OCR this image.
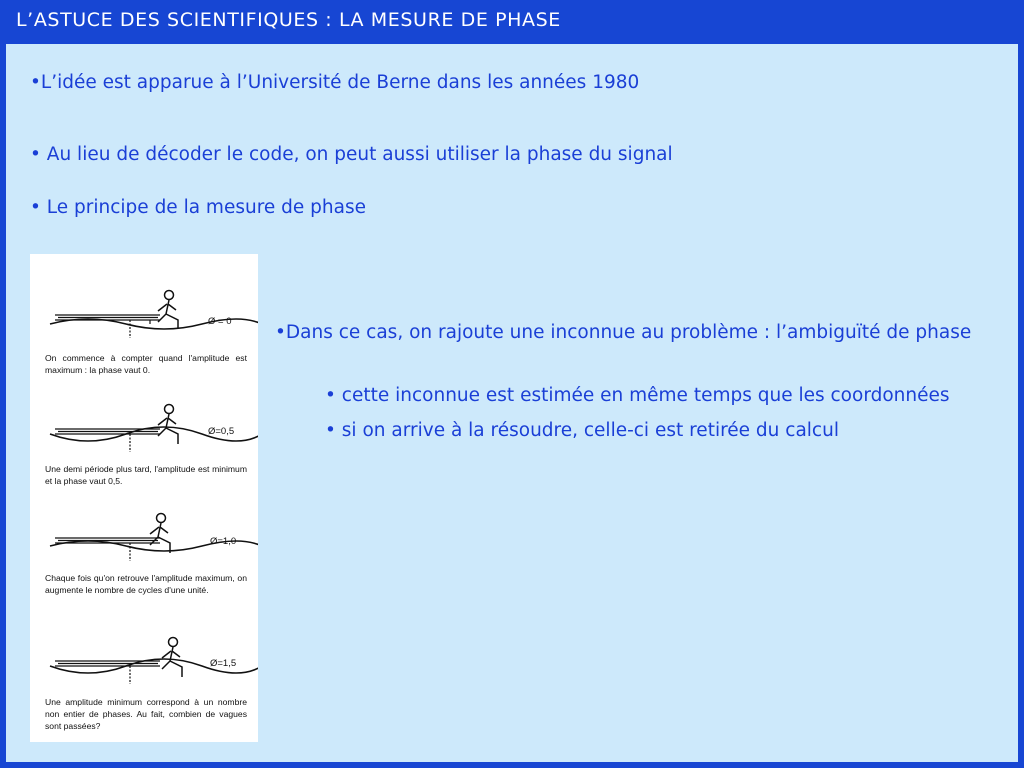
L’ASTUCE DES SCIENTIFIQUES : LA MESURE DE PHASE
•L’idée est apparue à l’Université de Berne dans les années 1980
• Au lieu de décoder le code, on peut aussi utiliser la phase du signal
• Le principe de la mesure de phase
•Dans ce cas, on rajoute une inconnue au problème : l’ambiguïté de phase
• cette inconnue est estimée en même temps que les coordonnées
• si on arrive à la résoudre, celle-ci est retirée du calcul
Ø = 0
Ø=0,5
Ø=1,0
Ø=1,5
On commence à compter quand l'amplitude est maximum : la phase vaut 0.
Une demi période plus tard, l'amplitude est minimum et la phase vaut 0,5.
Chaque fois qu'on retrouve l'amplitude maximum, on augmente le nombre de cycles d'une unité.
Une amplitude minimum correspond à un nombre non entier de phases. Au fait, combien de vagues sont passées?
